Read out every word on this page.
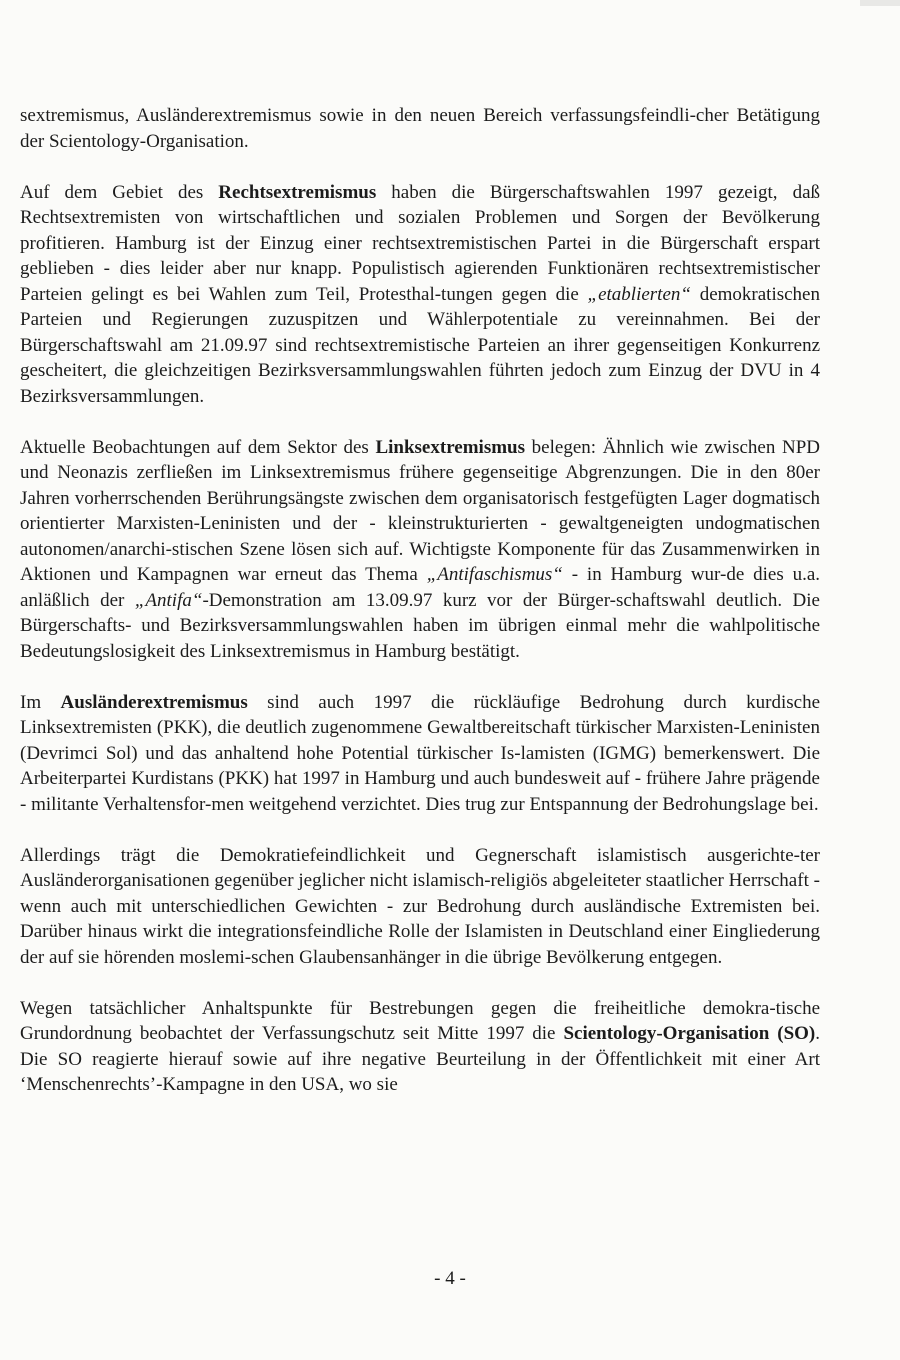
sextremismus, Ausländerextremismus sowie in den neuen Bereich verfassungsfeindli-cher Betätigung der Scientology-Organisation.

Auf dem Gebiet des Rechtsextremismus haben die Bürgerschaftswahlen 1997 gezeigt, daß Rechtsextremisten von wirtschaftlichen und sozialen Problemen und Sorgen der Bevölkerung profitieren. Hamburg ist der Einzug einer rechtsextremistischen Partei in die Bürgerschaft erspart geblieben - dies leider aber nur knapp. Populistisch agierenden Funktionären rechtsextremistischer Parteien gelingt es bei Wahlen zum Teil, Protesthal-tungen gegen die „etablierten“ demokratischen Parteien und Regierungen zuzuspitzen und Wählerpotentiale zu vereinnahmen. Bei der Bürgerschaftswahl am 21.09.97 sind rechtsextremistische Parteien an ihrer gegenseitigen Konkurrenz gescheitert, die gleichzeitigen Bezirksversammlungswahlen führten jedoch zum Einzug der DVU in 4 Bezirksversammlungen.

Aktuelle Beobachtungen auf dem Sektor des Linksextremismus belegen: Ähnlich wie zwischen NPD und Neonazis zerfließen im Linksextremismus frühere gegenseitige Abgrenzungen. Die in den 80er Jahren vorherrschenden Berührungsängste zwischen dem organisatorisch festgefügten Lager dogmatisch orientierter Marxisten-Leninisten und der - kleinstrukturierten - gewaltgeneigten undogmatischen autonomen/anarchi-stischen Szene lösen sich auf. Wichtigste Komponente für das Zusammenwirken in Aktionen und Kampagnen war erneut das Thema „Antifaschismus“ - in Hamburg wur-de dies u.a. anläßlich der „Antifa“-Demonstration am 13.09.97 kurz vor der Bürger-schaftswahl deutlich. Die Bürgerschafts- und Bezirksversammlungswahlen haben im übrigen einmal mehr die wahlpolitische Bedeutungslosigkeit des Linksextremismus in Hamburg bestätigt.

Im Ausländerextremismus sind auch 1997 die rückläufige Bedrohung durch kurdische Linksextremisten (PKK), die deutlich zugenommene Gewaltbereitschaft türkischer Marxisten-Leninisten (Devrimci Sol) und das anhaltend hohe Potential türkischer Is-lamisten (IGMG) bemerkenswert. Die Arbeiterpartei Kurdistans (PKK) hat 1997 in Hamburg und auch bundesweit auf - frühere Jahre prägende - militante Verhaltensfor-men weitgehend verzichtet. Dies trug zur Entspannung der Bedrohungslage bei.

Allerdings trägt die Demokratiefeindlichkeit und Gegnerschaft islamistisch ausgerichte-ter Ausländerorganisationen gegenüber jeglicher nicht islamisch-religiös abgeleiteter staatlicher Herrschaft - wenn auch mit unterschiedlichen Gewichten - zur Bedrohung durch ausländische Extremisten bei. Darüber hinaus wirkt die integrationsfeindliche Rolle der Islamisten in Deutschland einer Eingliederung der auf sie hörenden moslemi-schen Glaubensanhänger in die übrige Bevölkerung entgegen.

Wegen tatsächlicher Anhaltspunkte für Bestrebungen gegen die freiheitliche demokra-tische Grundordnung beobachtet der Verfassungschutz seit Mitte 1997 die Scientology-Organisation (SO). Die SO reagierte hierauf sowie auf ihre negative Beurteilung in der Öffentlichkeit mit einer Art ‘Menschenrechts’-Kampagne in den USA, wo sie

- 4 -
